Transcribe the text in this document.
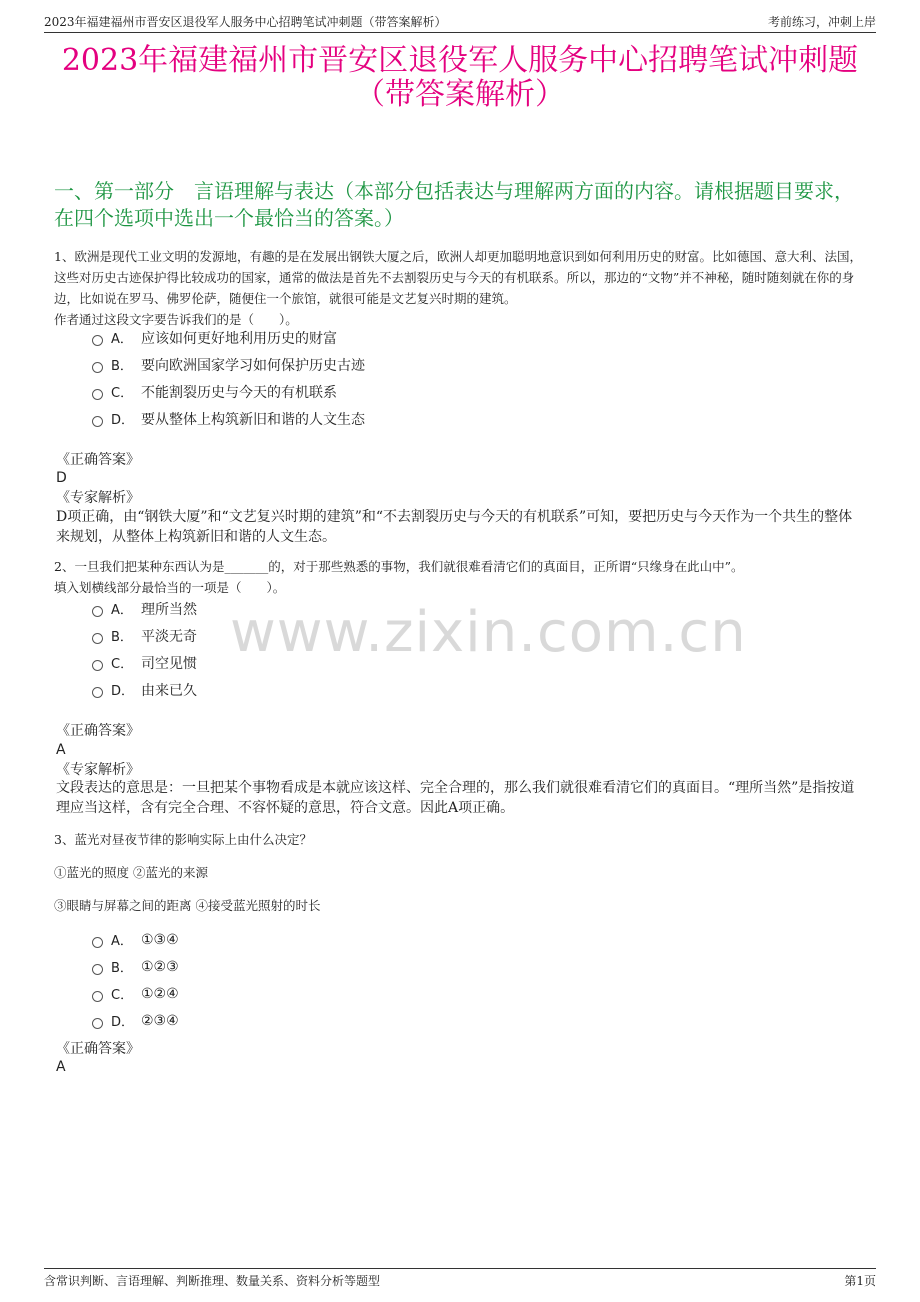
2023年福建福州市晋安区退役军人服务中心招聘笔试冲刺题（带答案解析）	考前练习，冲刺上岸
2023年福建福州市晋安区退役军人服务中心招聘笔试冲刺题
（带答案解析）
一、第一部分　言语理解与表达（本部分包括表达与理解两方面的内容。请根据题目要求，在四个选项中选出一个最恰当的答案。）
www.zixin.com.cn

1、欧洲是现代工业文明的发源地，有趣的是在发展出钢铁大厦之后，欧洲人却更加聪明地意识到如何利用历史的财富。比如德国、意大利、法国，这些对历史古迹保护得比较成功的国家，通常的做法是首先不去割裂历史与今天的有机联系。所以，那边的“文物”并不神秘，随时随刻就在你的身边，比如说在罗马、佛罗伦萨，随便住一个旅馆，就很可能是文艺复兴时期的建筑。

作者通过这段文字要告诉我们的是（　　）。

A． 应该如何更好地利用历史的财富
B． 要向欧洲国家学习如何保护历史古迹
C． 不能割裂历史与今天的有机联系
D． 要从整体上构筑新旧和谐的人文生态
《正确答案》
D
《专家解析》
D项正确，由“钢铁大厦”和“文艺复兴时期的建筑”和“不去割裂历史与今天的有机联系”可知，要把历史与今天作为一个共生的整体来规划，从整体上构筑新旧和谐的人文生态。

2、一旦我们把某种东西认为是_______的，对于那些熟悉的事物，我们就很难看清它们的真面目，正所谓“只缘身在此山中”。

填入划横线部分最恰当的一项是（　　）。

A． 理所当然
B． 平淡无奇
C． 司空见惯
D． 由来已久
《正确答案》
A
《专家解析》
文段表达的意思是：一旦把某个事物看成是本就应该这样、完全合理的，那么我们就很难看清它们的真面目。“理所当然”是指按道理应当这样，含有完全合理、不容怀疑的意思，符合文意。因此A项正确。
3、蓝光对昼夜节律的影响实际上由什么决定？
①蓝光的照度 ②蓝光的来源
③眼睛与屏幕之间的距离 ④接受蓝光照射的时长
A． ①③④
B． ①②③
C． ①②④
D． ②③④
《正确答案》
A
含常识判断、言语理解、判断推理、数量关系、资料分析等题型	第1页
